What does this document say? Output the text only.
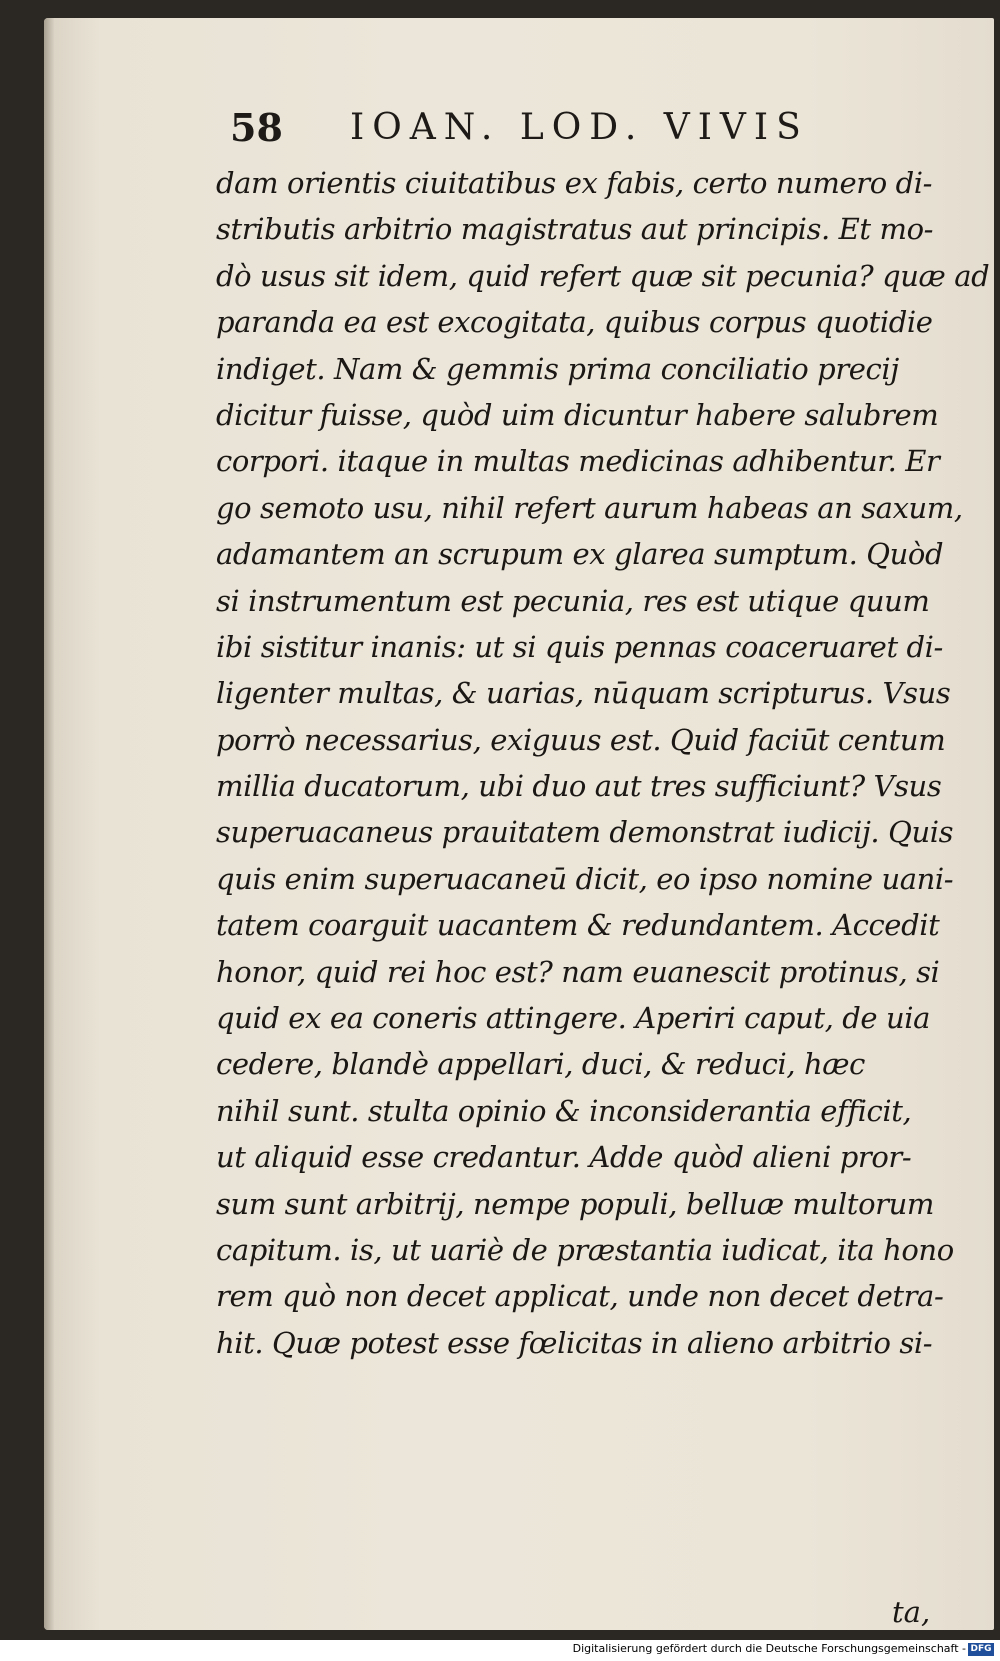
58 IOAN. LOD. VIVIS
dam orientis ciuitatibus ex fabis, certo numero di-
stributis arbitrio magistratus aut principis. Et mo-
dò usus sit idem, quid refert quæ sit pecunia? quæ ad
paranda ea est excogitata, quibus corpus quotidie
indiget. Nam & gemmis prima conciliatio precij
dicitur fuisse, quòd uim dicuntur habere salubrem
corpori. itaque in multas medicinas adhibentur. Er
go semoto usu, nihil refert aurum habeas an saxum,
adamantem an scrupum ex glarea sumptum. Quòd
si instrumentum est pecunia, res est utique quum
ibi sistitur inanis: ut si quis pennas coaceruaret di-
ligenter multas, & uarias, nūquam scripturus. Vsus
porrò necessarius, exiguus est. Quid faciūt centum
millia ducatorum, ubi duo aut tres sufficiunt? Vsus
superuacaneus prauitatem demonstrat iudicij. Quis
quis enim superuacaneū dicit, eo ipso nomine uani-
tatem coarguit uacantem & redundantem. Accedit
honor, quid rei hoc est? nam euanescit protinus, si
quid ex ea coneris attingere. Aperiri caput, de uia
cedere, blandè appellari, duci, & reduci, hæc
nihil sunt. stulta opinio & inconsiderantia efficit,
ut aliquid esse credantur. Adde quòd alieni pror-
sum sunt arbitrij, nempe populi, belluæ multorum
capitum. is, ut uariè de præstantia iudicat, ita hono
rem quò non decet applicat, unde non decet detra-
hit. Quæ potest esse fœlicitas in alieno arbitrio si-
ta,
Digitalisierung gefördert durch die Deutsche Forschungsgemeinschaft - DFG
